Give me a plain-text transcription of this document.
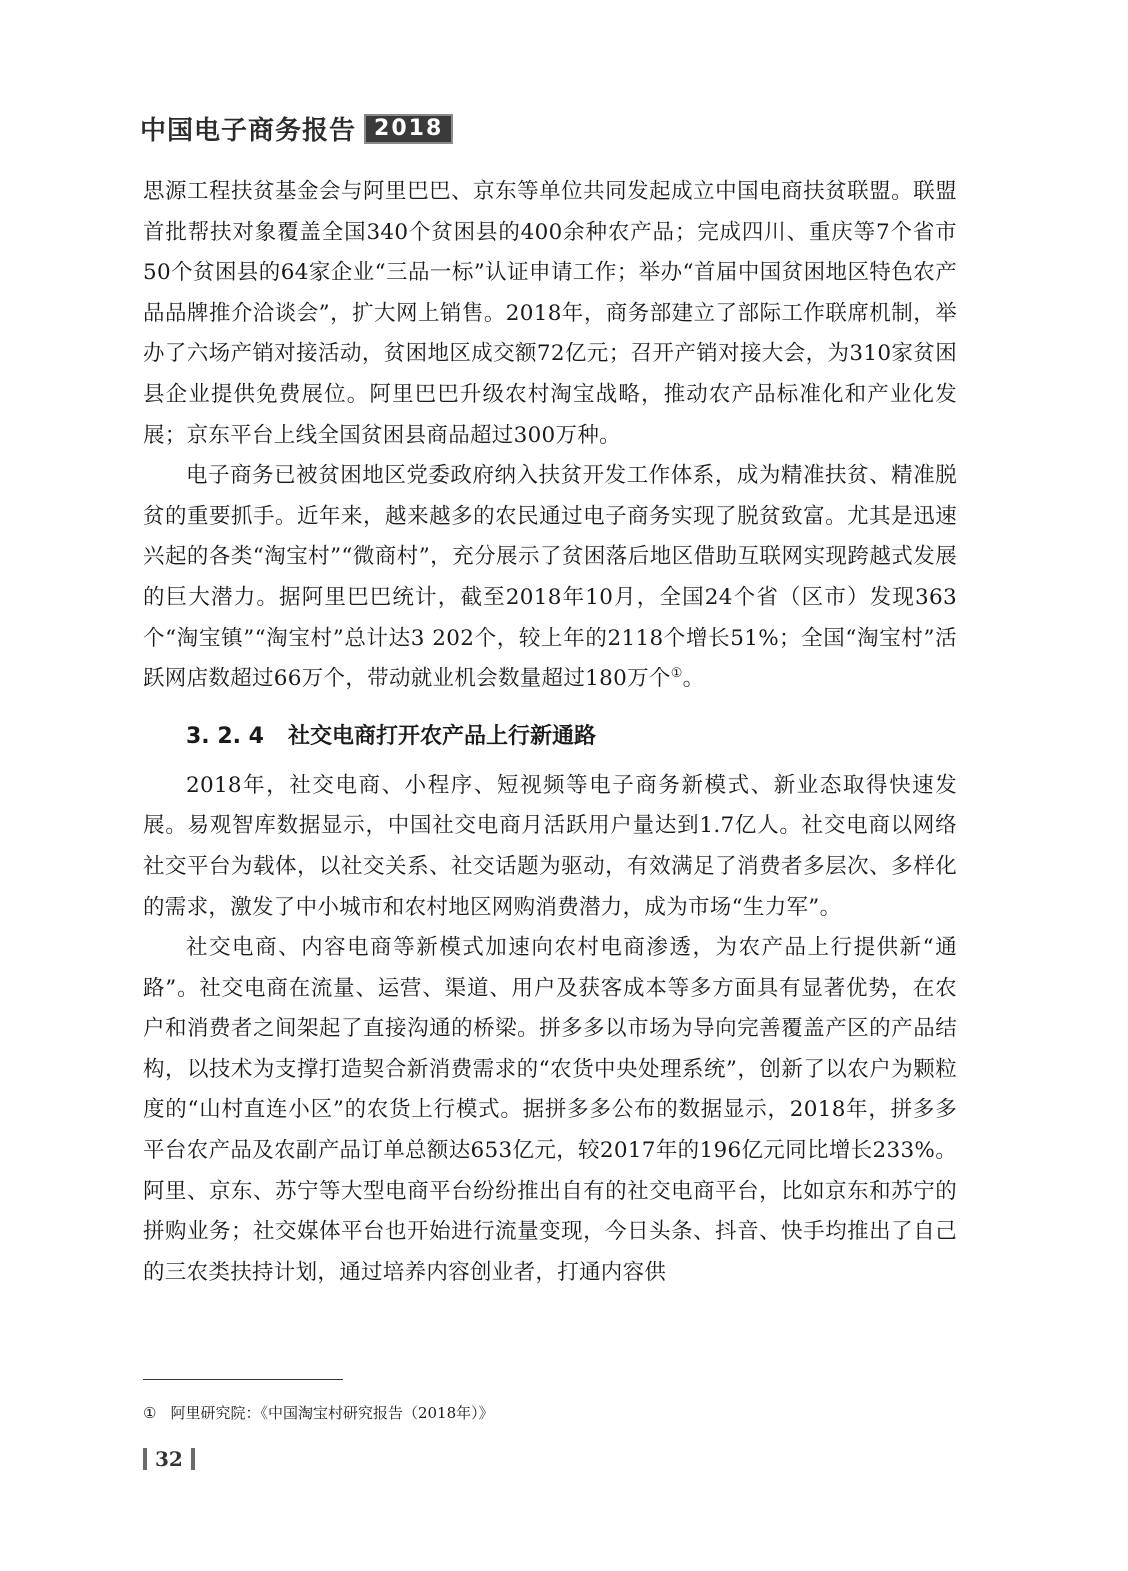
中国电子商务报告 2018

思源工程扶贫基金会与阿里巴巴、京东等单位共同发起成立中国电商扶贫联盟。联盟首批帮扶对象覆盖全国340个贫困县的400余种农产品；完成四川、重庆等7个省市50个贫困县的64家企业“三品一标”认证申请工作；举办“首届中国贫困地区特色农产品品牌推介洽谈会”，扩大网上销售。2018年，商务部建立了部际工作联席机制，举办了六场产销对接活动，贫困地区成交额72亿元；召开产销对接大会，为310家贫困县企业提供免费展位。阿里巴巴升级农村淘宝战略，推动农产品标准化和产业化发展；京东平台上线全国贫困县商品超过300万种。

电子商务已被贫困地区党委政府纳入扶贫开发工作体系，成为精准扶贫、精准脱贫的重要抓手。近年来，越来越多的农民通过电子商务实现了脱贫致富。尤其是迅速兴起的各类“淘宝村”“微商村”，充分展示了贫困落后地区借助互联网实现跨越式发展的巨大潜力。据阿里巴巴统计，截至2018年10月，全国24个省（区市）发现363个“淘宝镇”“淘宝村”总计达3 202个，较上年的2118个增长51%；全国“淘宝村”活跃网店数超过66万个，带动就业机会数量超过180万个①。

3. 2. 4 社交电商打开农产品上行新通路

2018年，社交电商、小程序、短视频等电子商务新模式、新业态取得快速发展。易观智库数据显示，中国社交电商月活跃用户量达到1.7亿人。社交电商以网络社交平台为载体，以社交关系、社交话题为驱动，有效满足了消费者多层次、多样化的需求，激发了中小城市和农村地区网购消费潜力，成为市场“生力军”。

社交电商、内容电商等新模式加速向农村电商渗透，为农产品上行提供新“通路”。社交电商在流量、运营、渠道、用户及获客成本等多方面具有显著优势，在农户和消费者之间架起了直接沟通的桥梁。拼多多以市场为导向完善覆盖产区的产品结构，以技术为支撑打造契合新消费需求的“农货中央处理系统”，创新了以农户为颗粒度的“山村直连小区”的农货上行模式。据拼多多公布的数据显示，2018年，拼多多平台农产品及农副产品订单总额达653亿元，较2017年的196亿元同比增长233%。阿里、京东、苏宁等大型电商平台纷纷推出自有的社交电商平台，比如京东和苏宁的拼购业务；社交媒体平台也开始进行流量变现，今日头条、抖音、快手均推出了自己的三农类扶持计划，通过培养内容创业者，打通内容供

① 阿里研究院：《中国淘宝村研究报告（2018年）》
32
